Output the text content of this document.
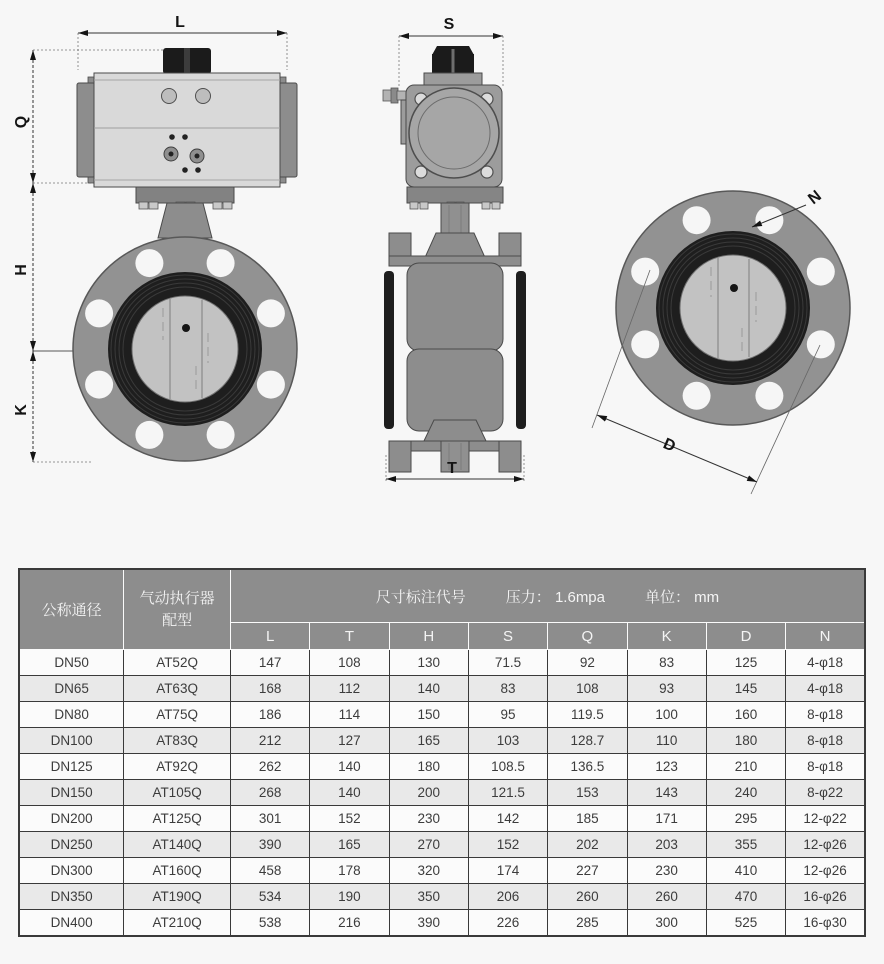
L
Q
H
K
S
T
N
D
公称通径	
气动执行器
配型

尺寸标注代号	压力： 1.6mpa	单位： mm

		L	T	H	S	Q	K	D	N
DN50	AT52Q	147	108	130	71.5	92	83	125	4-φ18
DN65	AT63Q	168	112	140	83	108	93	145	4-φ18
DN80	AT75Q	186	114	150	95	119.5	100	160	8-φ18
DN100	AT83Q	212	127	165	103	128.7	110	180	8-φ18
DN125	AT92Q	262	140	180	108.5	136.5	123	210	8-φ18
DN150	AT105Q	268	140	200	121.5	153	143	240	8-φ22
DN200	AT125Q	301	152	230	142	185	171	295	12-φ22
DN250	AT140Q	390	165	270	152	202	203	355	12-φ26
DN300	AT160Q	458	178	320	174	227	230	410	12-φ26
DN350	AT190Q	534	190	350	206	260	260	470	16-φ26
DN400	AT210Q	538	216	390	226	285	300	525	16-φ30
